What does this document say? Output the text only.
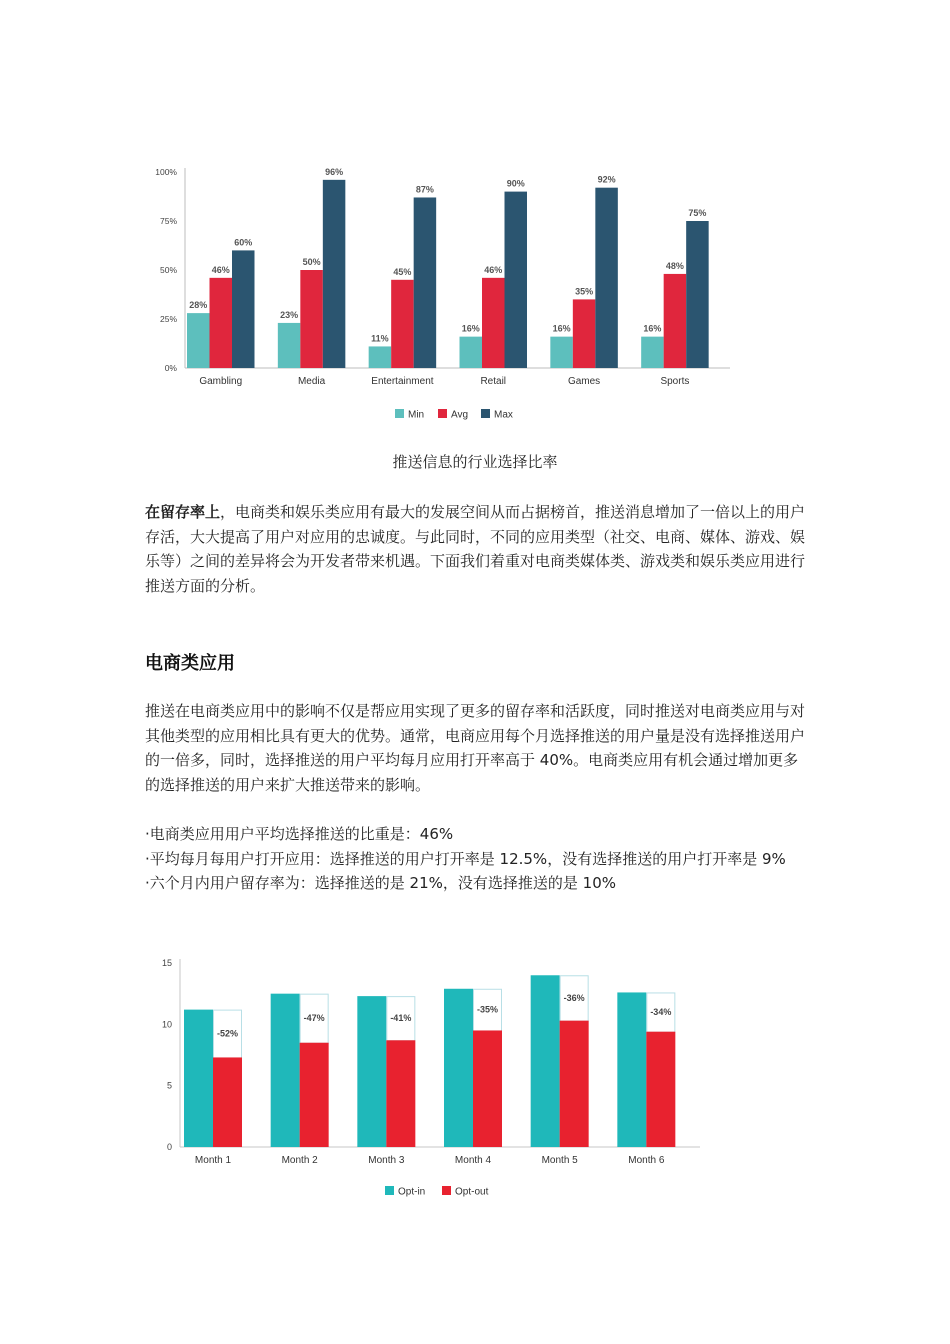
0%
25%
50%
75%
100%
28%
46%
60%
Gambling
23%
50%
96%
Media
11%
45%
87%
Entertainment
16%
46%
90%
Retail
16%
35%
92%
Games
16%
48%
75%
Sports
Min	Avg	Max
推送信息的行业选择比率

在留存率上，电商类和娱乐类应用有最大的发展空间从而占据榜首，推送消息增加了一倍以上的用户存活，大大提高了用户对应用的忠诚度。与此同时，不同的应用类型（社交、电商、媒体、游戏、娱乐等）之间的差异将会为开发者带来机遇。下面我们着重对电商类媒体类、游戏类和娱乐类应用进行推送方面的分析。

电商类应用

推送在电商类应用中的影响不仅是帮应用实现了更多的留存率和活跃度，同时推送对电商类应用与对其他类型的应用相比具有更大的优势。通常，电商应用每个月选择推送的用户量是没有选择推送用户的一倍多，同时，选择推送的用户平均每月应用打开率高于 40%。电商类应用有机会通过增加更多的选择推送的用户来扩大推送带来的影响。

·电商类应用用户平均选择推送的比重是：46%
·平均每月每用户打开应用：选择推送的用户打开率是 12.5%，没有选择推送的用户打开率是 9%
·六个月内用户留存率为：选择推送的是 21%，没有选择推送的是 10%
0
5
10
15
-52%
Month 1
-47%
Month 2
-41%
Month 3
-35%
Month 4
-36%
Month 5
-34%
Month 6
Opt-in	Opt-out
